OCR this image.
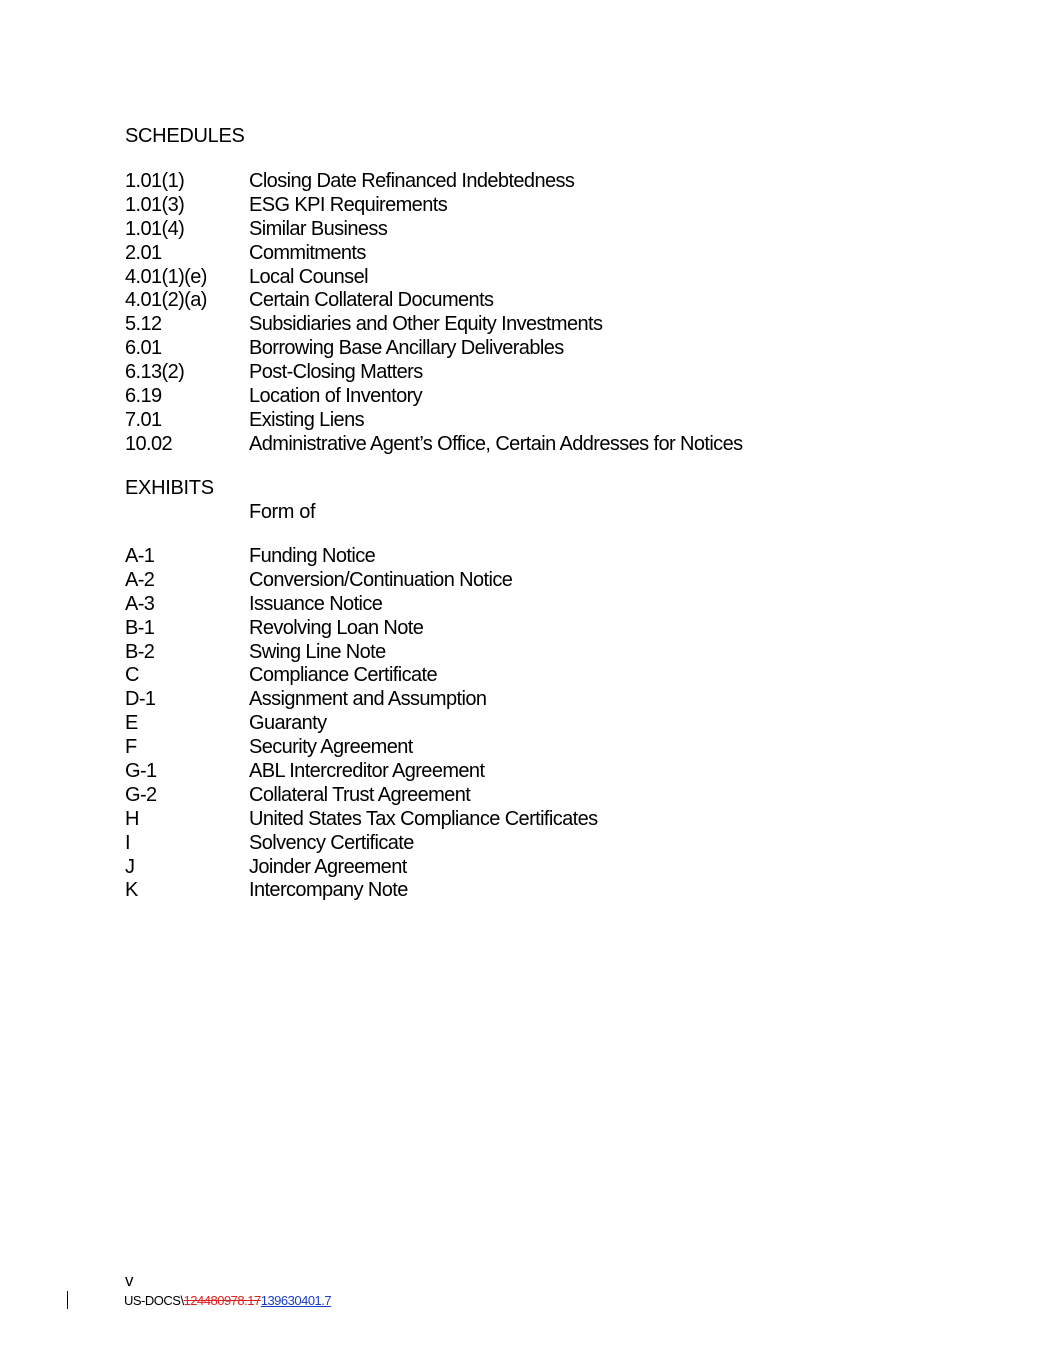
SCHEDULES
1.01(1)	Closing Date Refinanced Indebtedness
1.01(3)	ESG KPI Requirements
1.01(4)	Similar Business
2.01	Commitments
4.01(1)(e)	Local Counsel
4.01(2)(a)	Certain Collateral Documents
5.12	Subsidiaries and Other Equity Investments
6.01	Borrowing Base Ancillary Deliverables
6.13(2)	Post-Closing Matters
6.19	Location of Inventory
7.01	Existing Liens
10.02	Administrative Agent’s Office, Certain Addresses for Notices
EXHIBITS
Form of
A-1	Funding Notice
A-2	Conversion/Continuation Notice
A-3	Issuance Notice
B-1	Revolving Loan Note
B-2	Swing Line Note
C	Compliance Certificate
D-1	Assignment and Assumption
E	Guaranty
F	Security Agreement
G-1	ABL Intercreditor Agreement
G-2	Collateral Trust Agreement
H	United States Tax Compliance Certificates
I	Solvency Certificate
J	Joinder Agreement
K	Intercompany Note
v
US-DOCS\124480978.17139630401.7
